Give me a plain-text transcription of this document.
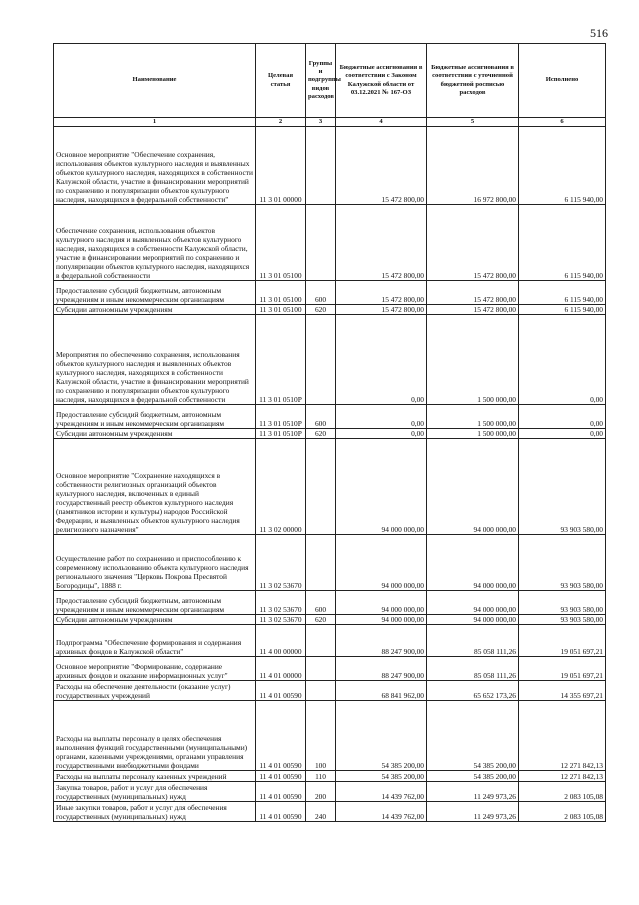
516
Наименование	Целевая статья	Группы и подгруппы видов расходов	Бюджетные ассигнования в соответствии с Законом Калужской области от 03.12.2021 № 167-ОЗ	Бюджетные ассигнования в соответствии с уточненной бюджетной росписью расходов	Исполнено
1	2	3	4	5	6
Основное мероприятие "Обеспечение сохранения, использования объектов культурного наследия и выявленных объектов культурного наследия, находящихся в собственности Калужской области, участие в финансировании мероприятий по сохранению и популяризации объектов культурного наследия, находящихся в федеральной собственности"	11 3 01 00000		15 472 800,00	16 972 800,00	6 115 940,00
Обеспечение сохранения, использования объектов культурного наследия и выявленных объектов культурного наследия, находящихся в собственности Калужской области, участие в финансировании мероприятий по сохранению и популяризации объектов культурного наследия, находящихся в федеральной собственности	11 3 01 05100		15 472 800,00	15 472 800,00	6 115 940,00
Предоставление субсидий бюджетным, автономным учреждениям и иным некоммерческим организациям	11 3 01 05100	600	15 472 800,00	15 472 800,00	6 115 940,00
Субсидии автономным учреждениям	11 3 01 05100	620	15 472 800,00	15 472 800,00	6 115 940,00
Мероприятия по обеспечению сохранения, использования объектов культурного наследия и выявленных объектов культурного наследия, находящихся в собственности Калужской области, участие в финансировании мероприятий по сохранению и популяризации объектов культурного наследия, находящихся в федеральной собственности	11 3 01 0510P		0,00	1 500 000,00	0,00
Предоставление субсидий бюджетным, автономным учреждениям и иным некоммерческим организациям	11 3 01 0510P	600	0,00	1 500 000,00	0,00
Субсидии автономным учреждениям	11 3 01 0510P	620	0,00	1 500 000,00	0,00
Основное мероприятие "Сохранение находящихся в собственности религиозных организаций объектов культурного наследия, включенных в единый государственный реестр объектов культурного наследия (памятников истории и культуры) народов Российской Федерации, и выявленных объектов культурного наследия религиозного назначения"	11 3 02 00000		94 000 000,00	94 000 000,00	93 903 580,00
Осуществление работ по сохранению и приспособлению к современному использованию объекта культурного наследия регионального значения "Церковь Покрова Пресвятой Богородицы", 1888 г.	11 3 02 53670		94 000 000,00	94 000 000,00	93 903 580,00
Предоставление субсидий бюджетным, автономным учреждениям и иным некоммерческим организациям	11 3 02 53670	600	94 000 000,00	94 000 000,00	93 903 580,00
Субсидии автономным учреждениям	11 3 02 53670	620	94 000 000,00	94 000 000,00	93 903 580,00
Подпрограмма "Обеспечение формирования и содержания архивных фондов в Калужской области"	11 4 00 00000		88 247 900,00	85 058 111,26	19 051 697,21
Основное мероприятие "Формирование, содержание архивных фондов и оказание информационных услуг"	11 4 01 00000		88 247 900,00	85 058 111,26	19 051 697,21
Расходы на обеспечение деятельности (оказание услуг) государственных учреждений	11 4 01 00590		68 841 962,00	65 652 173,26	14 355 697,21
Расходы на выплаты персоналу в целях обеспечения выполнения функций государственными (муниципальными) органами, казенными учреждениями, органами управления государственными внебюджетными фондами	11 4 01 00590	100	54 385 200,00	54 385 200,00	12 271 842,13
Расходы на выплаты персоналу казенных учреждений	11 4 01 00590	110	54 385 200,00	54 385 200,00	12 271 842,13
Закупка товаров, работ и услуг для обеспечения государственных (муниципальных) нужд	11 4 01 00590	200	14 439 762,00	11 249 973,26	2 083 105,08
Иные закупки товаров, работ и услуг для обеспечения государственных (муниципальных) нужд	11 4 01 00590	240	14 439 762,00	11 249 973,26	2 083 105,08
